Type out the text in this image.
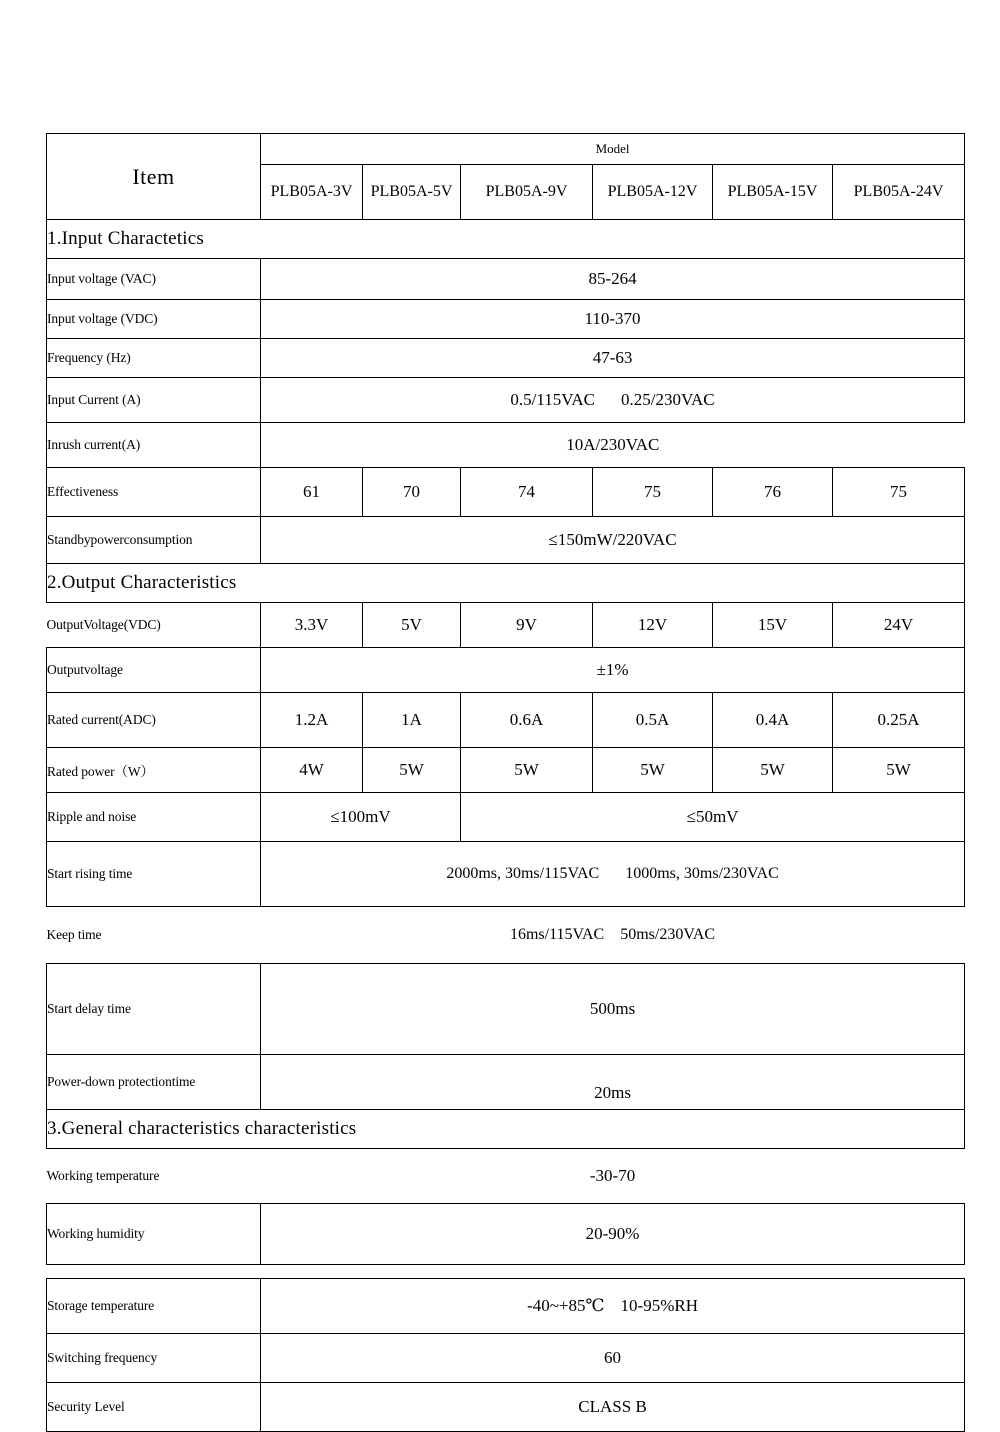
Item	Model					
	PLB05A-3V	PLB05A-5V	PLB05A-9V	PLB05A-12V	PLB05A-15V	PLB05A-24V
1.Input Charactetics						
Input voltage (VAC)	85-264					
Input voltage (VDC)	110-370					
Frequency (Hz)	47-63					
Input Current (A)	0.5/115VAC 0.25/230VAC					
Inrush current(A)	10A/230VAC					
Effectiveness	61	70	74	75	76	75
Standbypowerconsumption	≤150mW/220VAC					
2.Output Characteristics						
OutputVoltage(VDC)	3.3V	5V	9V	12V	15V	24V
Outputvoltage	±1%					
Rated current(ADC)	1.2A	1A	0.6A	0.5A	0.4A	0.25A
Rated power（W）	4W	5W	5W	5W	5W	5W
Ripple and noise	≤100mV		≤50mV			
Start rising time	2000ms, 30ms/115VAC 1000ms, 30ms/230VAC					
Keep time	16ms/115VAC 50ms/230VAC					
Start delay time	500ms					
Power-down protectiontime	20ms					
3.General characteristics characteristics						
Working temperature	-30-70					
Working humidity	20-90%					

Storage temperature	-40~+85℃ 10-95%RH					
Switching frequency	60					
Security Level	CLASS B					
